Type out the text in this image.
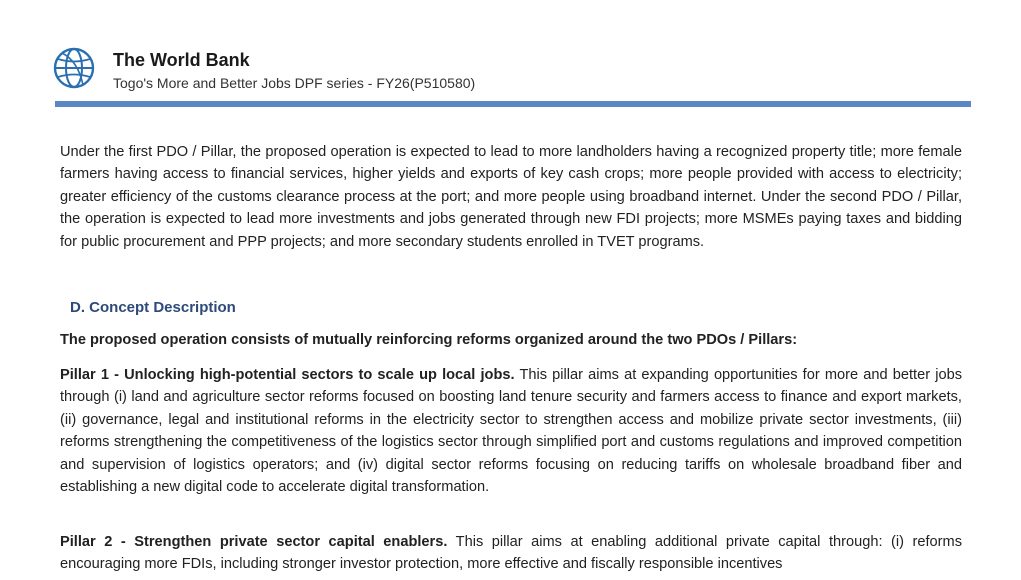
The World Bank

Togo's More and Better Jobs DPF series - FY26(P510580)

Under the first PDO / Pillar, the proposed operation is expected to lead to more landholders having a recognized property title; more female farmers having access to financial services, higher yields and exports of key cash crops; more people provided with access to electricity; greater efficiency of the customs clearance process at the port; and more people using broadband internet. Under the second PDO / Pillar, the operation is expected to lead more investments and jobs generated through new FDI projects; more MSMEs paying taxes and bidding for public procurement and PPP projects; and more secondary students enrolled in TVET programs.

D. Concept Description

The proposed operation consists of mutually reinforcing reforms organized around the two PDOs / Pillars:

Pillar 1 - Unlocking high-potential sectors to scale up local jobs. This pillar aims at expanding opportunities for more and better jobs through (i) land and agriculture sector reforms focused on boosting land tenure security and farmers access to finance and export markets, (ii) governance, legal and institutional reforms in the electricity sector to strengthen access and mobilize private sector investments, (iii) reforms strengthening the competitiveness of the logistics sector through simplified port and customs regulations and improved competition and supervision of logistics operators; and (iv) digital sector reforms focusing on reducing tariffs on wholesale broadband fiber and establishing a new digital code to accelerate digital transformation.

Pillar 2 - Strengthen private sector capital enablers. This pillar aims at enabling additional private capital through: (i) reforms encouraging more FDIs, including stronger investor protection, more effective and fiscally responsible incentives
